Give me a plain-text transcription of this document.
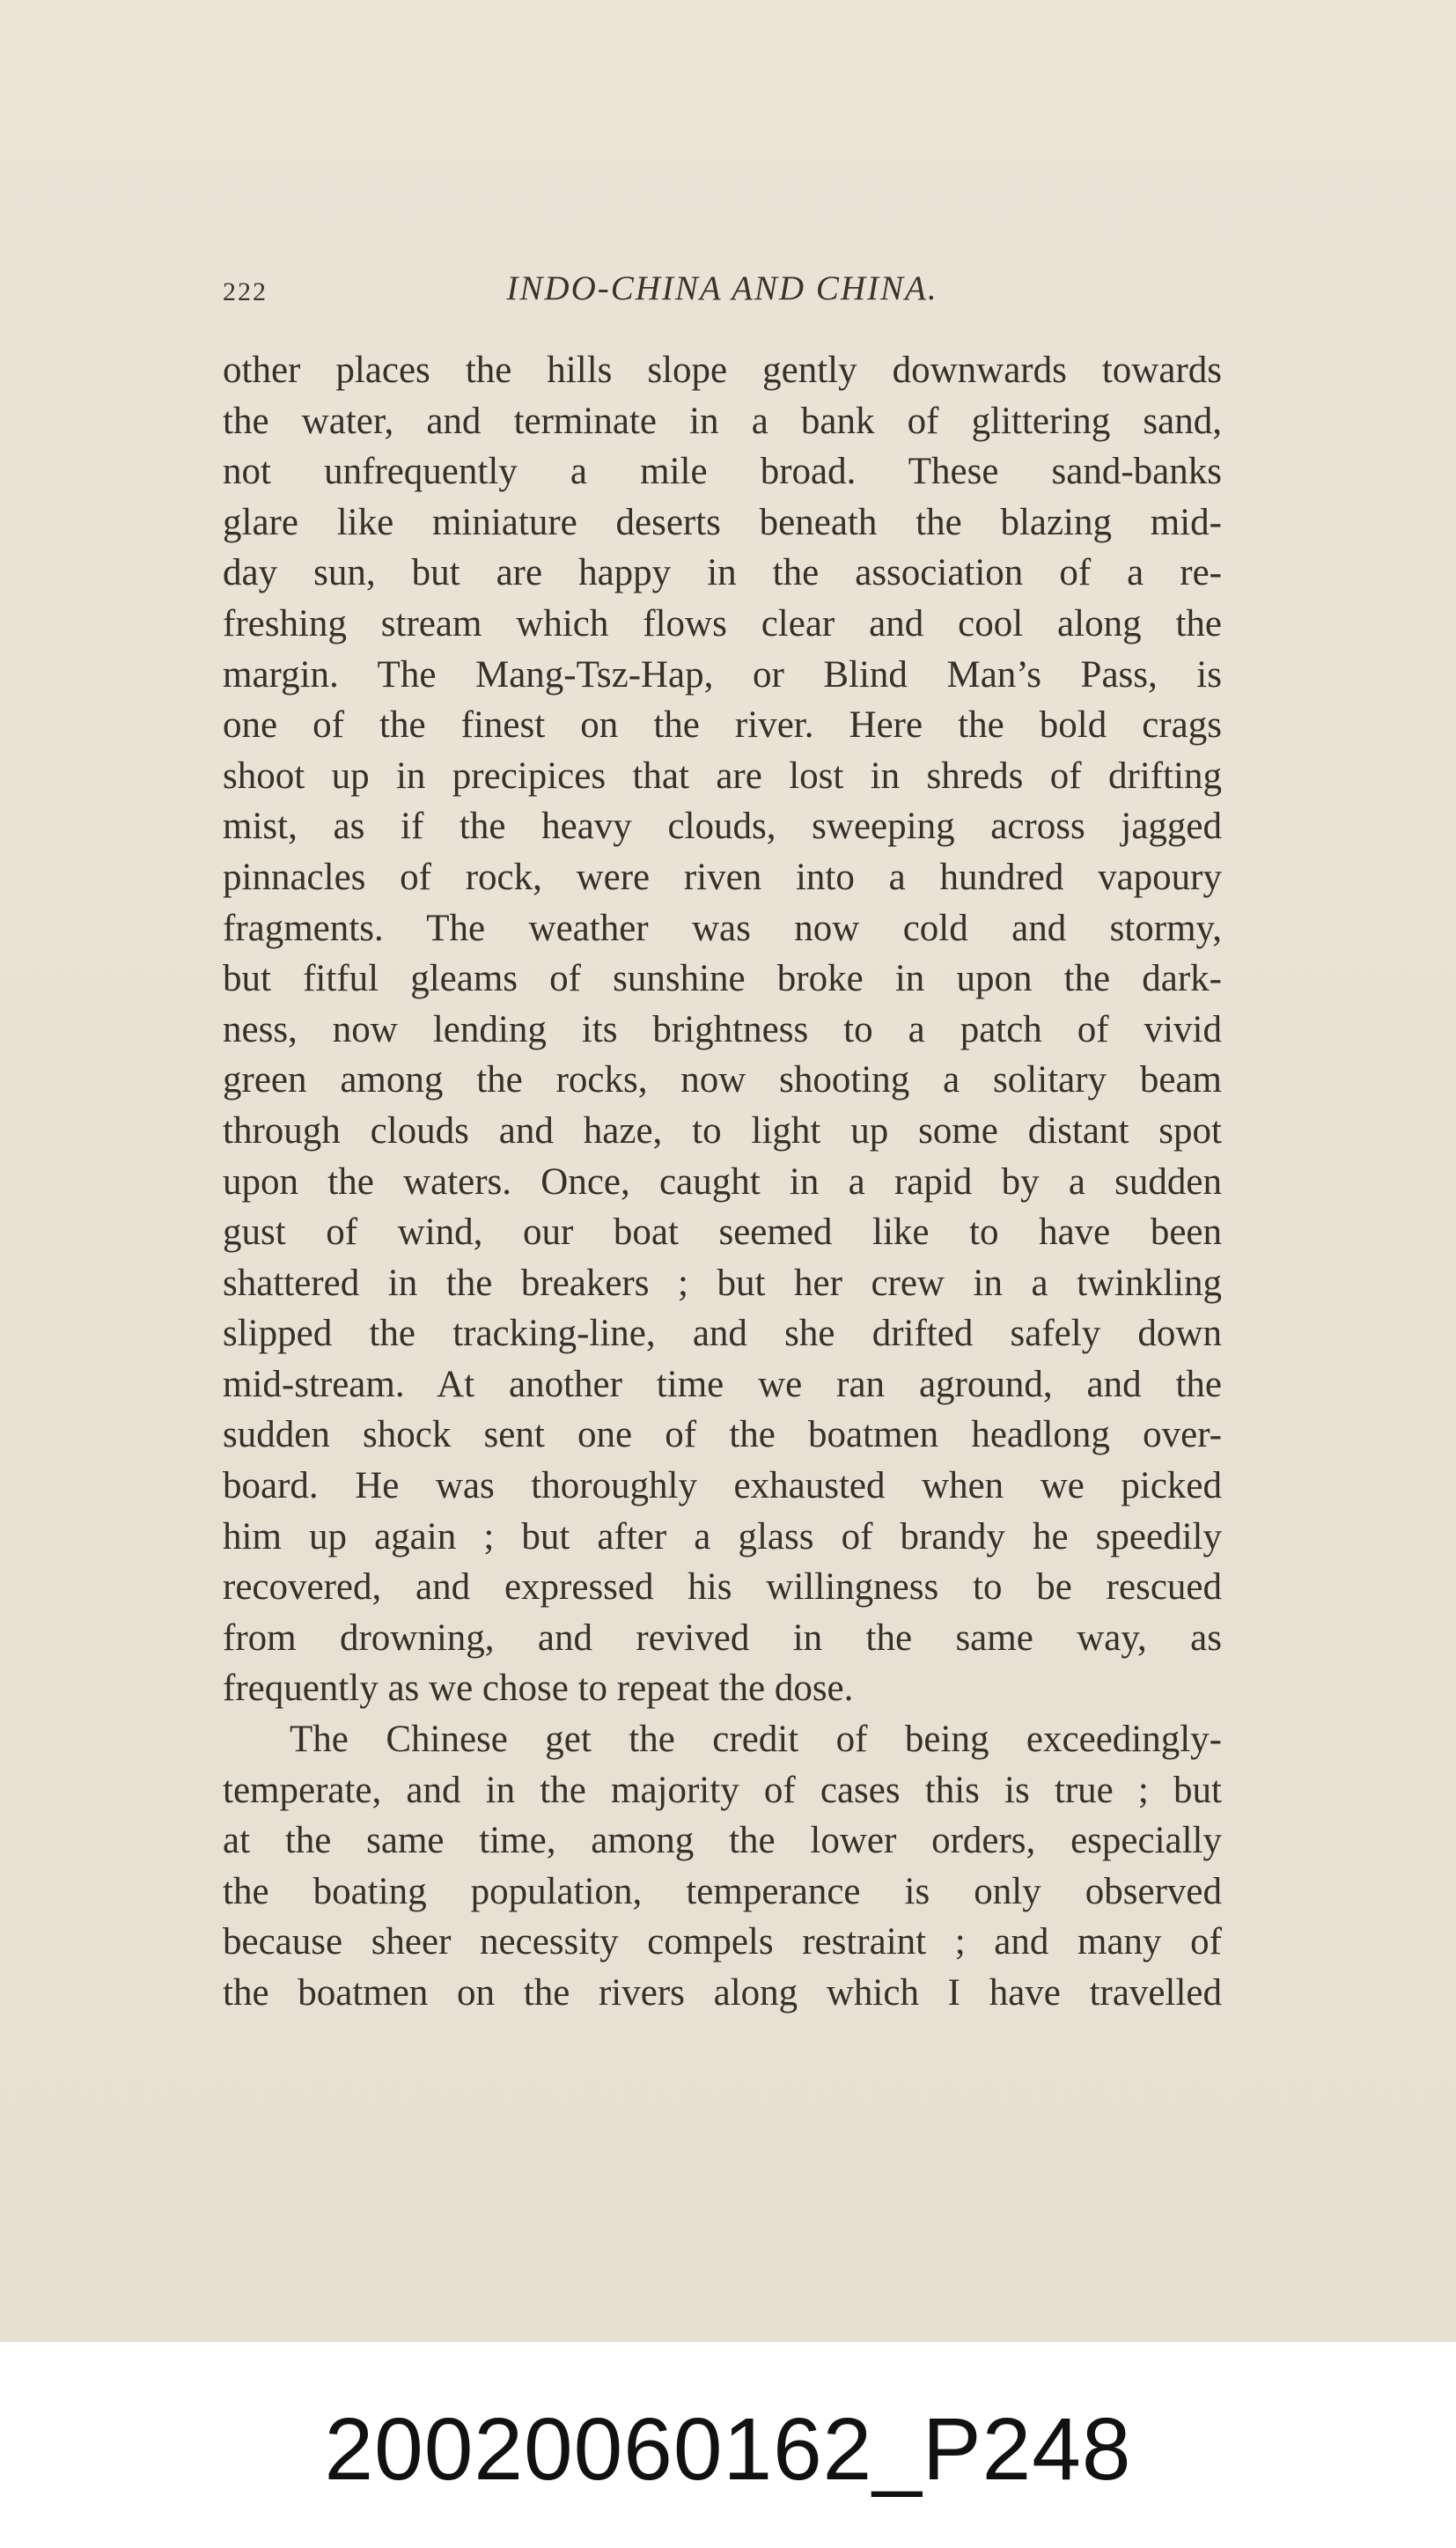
222	INDO-CHINA AND CHINA.
other places the hills slope gently downwards towards
the water, and terminate in a bank of glittering sand,
not unfrequently a mile broad. These sand-banks
glare like miniature deserts beneath the blazing mid-
day sun, but are happy in the association of a re-
freshing stream which flows clear and cool along the
margin. The Mang-Tsz-Hap, or Blind Man’s Pass, is
one of the finest on the river. Here the bold crags
shoot up in precipices that are lost in shreds of drifting
mist, as if the heavy clouds, sweeping across jagged
pinnacles of rock, were riven into a hundred vapoury
fragments. The weather was now cold and stormy,
but fitful gleams of sunshine broke in upon the dark-
ness, now lending its brightness to a patch of vivid
green among the rocks, now shooting a solitary beam
through clouds and haze, to light up some distant spot
upon the waters. Once, caught in a rapid by a sudden
gust of wind, our boat seemed like to have been
shattered in the breakers ; but her crew in a twinkling
slipped the tracking-line, and she drifted safely down
mid-stream. At another time we ran aground, and the
sudden shock sent one of the boatmen headlong over-
board. He was thoroughly exhausted when we picked
him up again ; but after a glass of brandy he speedily
recovered, and expressed his willingness to be rescued
from drowning, and revived in the same way, as
frequently as we chose to repeat the dose.
The Chinese get the credit of being exceedingly-
temperate, and in the majority of cases this is true ; but
at the same time, among the lower orders, especially
the boating population, temperance is only observed
because sheer necessity compels restraint ; and many of
the boatmen on the rivers along which I have travelled
20020060162_P248
